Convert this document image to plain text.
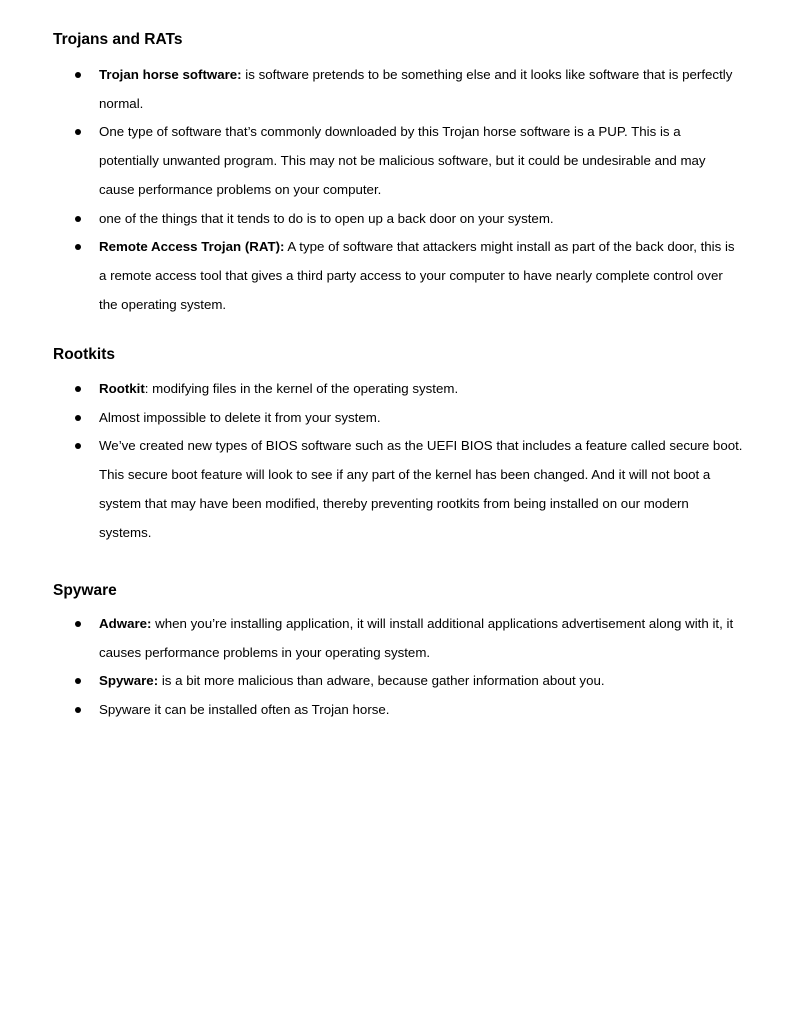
Trojans and RATs
Trojan horse software: is software pretends to be something else and it looks like software that is perfectly normal.
One type of software that’s commonly downloaded by this Trojan horse software is a PUP. This is a potentially unwanted program. This may not be malicious software, but it could be undesirable and may cause performance problems on your computer.
one of the things that it tends to do is to open up a back door on your system.
Remote Access Trojan (RAT): A type of software that attackers might install as part of the back door, this is a remote access tool that gives a third party access to your computer to have nearly complete control over the operating system.
Rootkits
Rootkit: modifying files in the kernel of the operating system.
Almost impossible to delete it from your system.
We’ve created new types of BIOS software such as the UEFI BIOS that includes a feature called secure boot. This secure boot feature will look to see if any part of the kernel has been changed. And it will not boot a system that may have been modified, thereby preventing rootkits from being installed on our modern systems.
Spyware
Adware: when you’re installing application, it will install additional applications advertisement along with it, it causes performance problems in your operating system.
Spyware: is a bit more malicious than adware, because gather information about you.
Spyware it can be installed often as Trojan horse.
